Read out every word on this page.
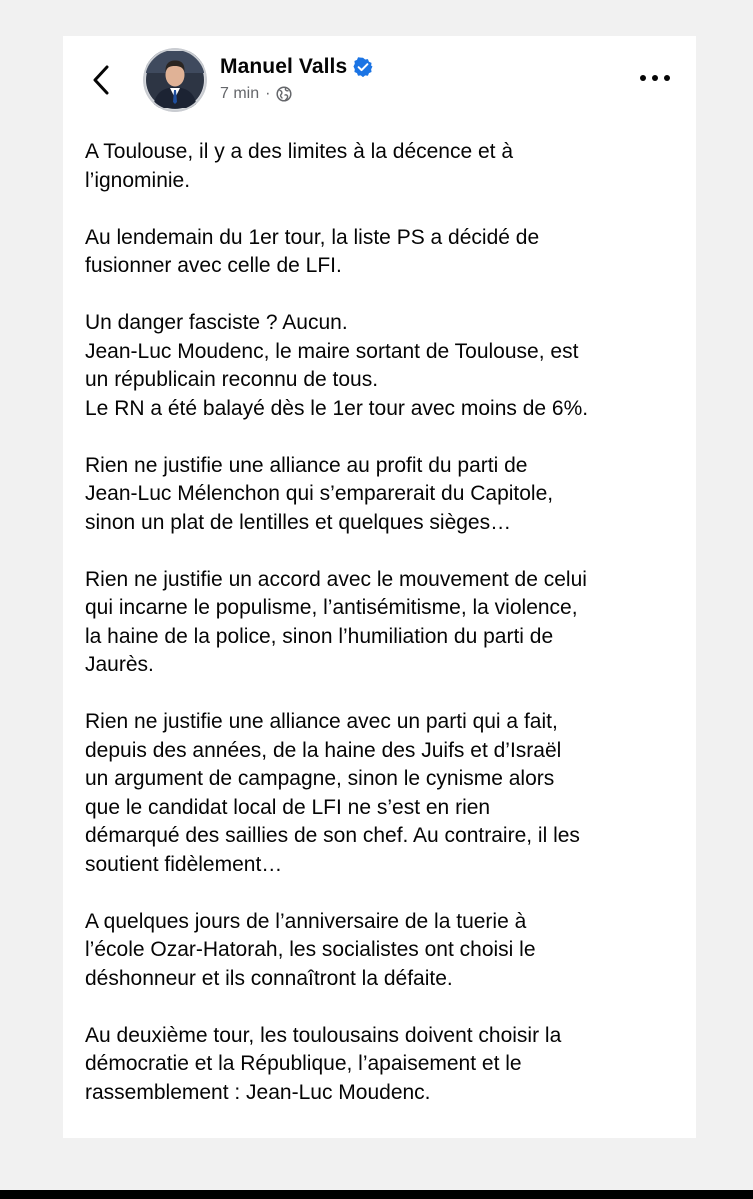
Manuel Valls
7 min ·

A Toulouse, il y a des limites à la décence et à
l’ignominie.

Au lendemain du 1er tour, la liste PS a décidé de
fusionner avec celle de LFI.

Un danger fasciste ? Aucun.
Jean-Luc Moudenc, le maire sortant de Toulouse, est
un républicain reconnu de tous.
Le RN a été balayé dès le 1er tour avec moins de 6%.

Rien ne justifie une alliance au profit du parti de
Jean-Luc Mélenchon qui s’emparerait du Capitole,
sinon un plat de lentilles et quelques sièges…

Rien ne justifie un accord avec le mouvement de celui
qui incarne le populisme, l’antisémitisme, la violence,
la haine de la police, sinon l’humiliation du parti de
Jaurès.

Rien ne justifie une alliance avec un parti qui a fait,
depuis des années, de la haine des Juifs et d’Israël
un argument de campagne, sinon le cynisme alors
que le candidat local de LFI ne s’est en rien
démarqué des saillies de son chef. Au contraire, il les
soutient fidèlement…

A quelques jours de l’anniversaire de la tuerie à
l’école Ozar-Hatorah, les socialistes ont choisi le
déshonneur et ils connaîtront la défaite.

Au deuxième tour, les toulousains doivent choisir la
démocratie et la République, l’apaisement et le
rassemblement : Jean-Luc Moudenc.
